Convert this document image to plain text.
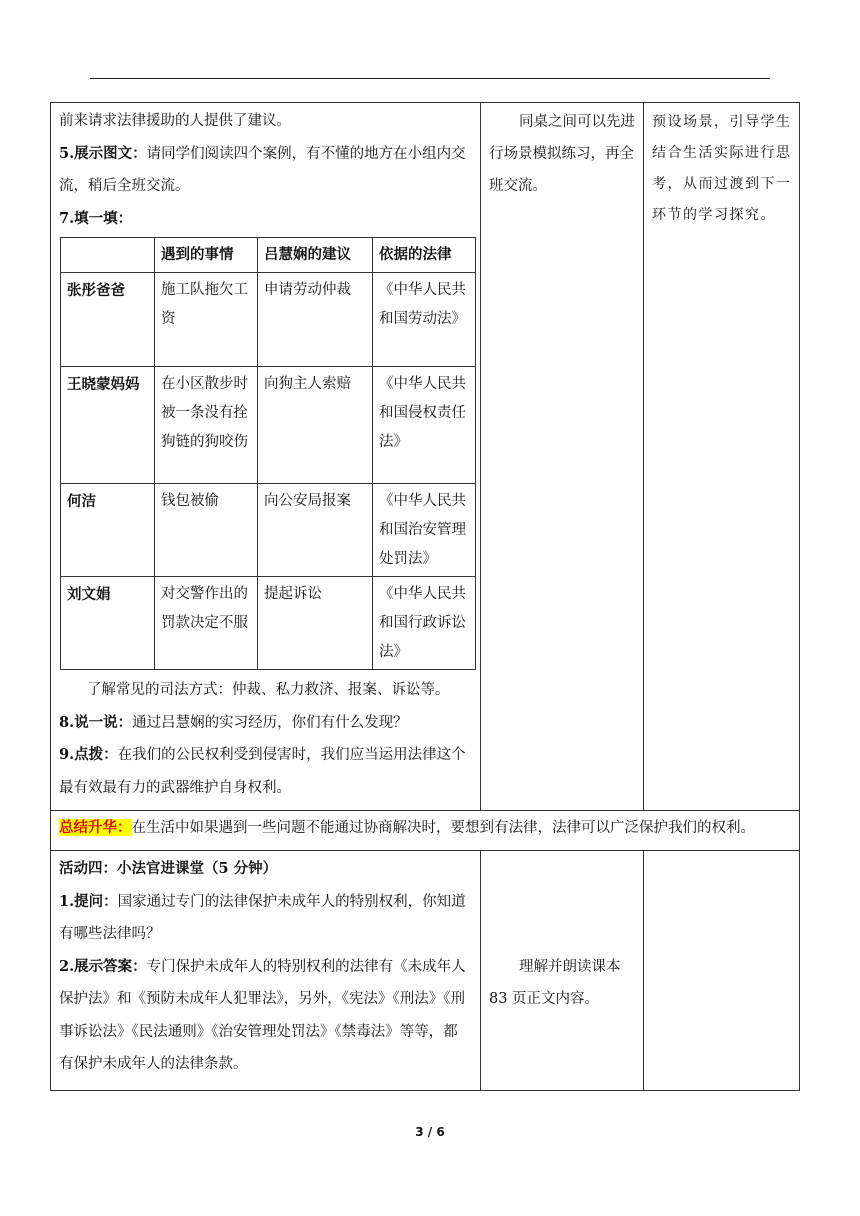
前来请求法律援助的人提供了建议。

5.展示图文：请同学们阅读四个案例，有不懂的地方在小组内交流，稍后全班交流。

7.填一填：

	遇到的事情	吕慧娴的建议	依据的法律
张彤爸爸	施工队拖欠工资	申请劳动仲裁	《中华人民共和国劳动法》
王晓蒙妈妈	在小区散步时被一条没有拴狗链的狗咬伤	向狗主人索赔	《中华人民共和国侵权责任法》
何洁	钱包被偷	向公安局报案	《中华人民共和国治安管理处罚法》
刘文娟	对交警作出的罚款决定不服	提起诉讼	《中华人民共和国行政诉讼法》

了解常见的司法方式：仲裁、私力救济、报案、诉讼等。

8.说一说：通过吕慧娴的实习经历，你们有什么发现？

9.点拨：在我们的公民权利受到侵害时，我们应当运用法律这个最有效最有力的武器维护自身权利。

同桌之间可以先进行场景模拟练习，再全班交流。

预设场景，引导学生结合生活实际进行思考，从而过渡到下一环节的学习探究。

总结升华：在生活中如果遇到一些问题不能通过协商解决时，要想到有法律，法律可以广泛保护我们的权利。

活动四：小法官进课堂（5 分钟）

1.提问：国家通过专门的法律保护未成年人的特别权利，你知道有哪些法律吗？

2.展示答案：专门保护未成年人的特别权利的法律有《未成年人保护法》和《预防未成年人犯罪法》，另外，《宪法》《刑法》《刑事诉讼法》《民法通则》《治安管理处罚法》《禁毒法》等等，都有保护未成年人的法律条款。

理解并朗读课本 83 页正文内容。

3 / 6
